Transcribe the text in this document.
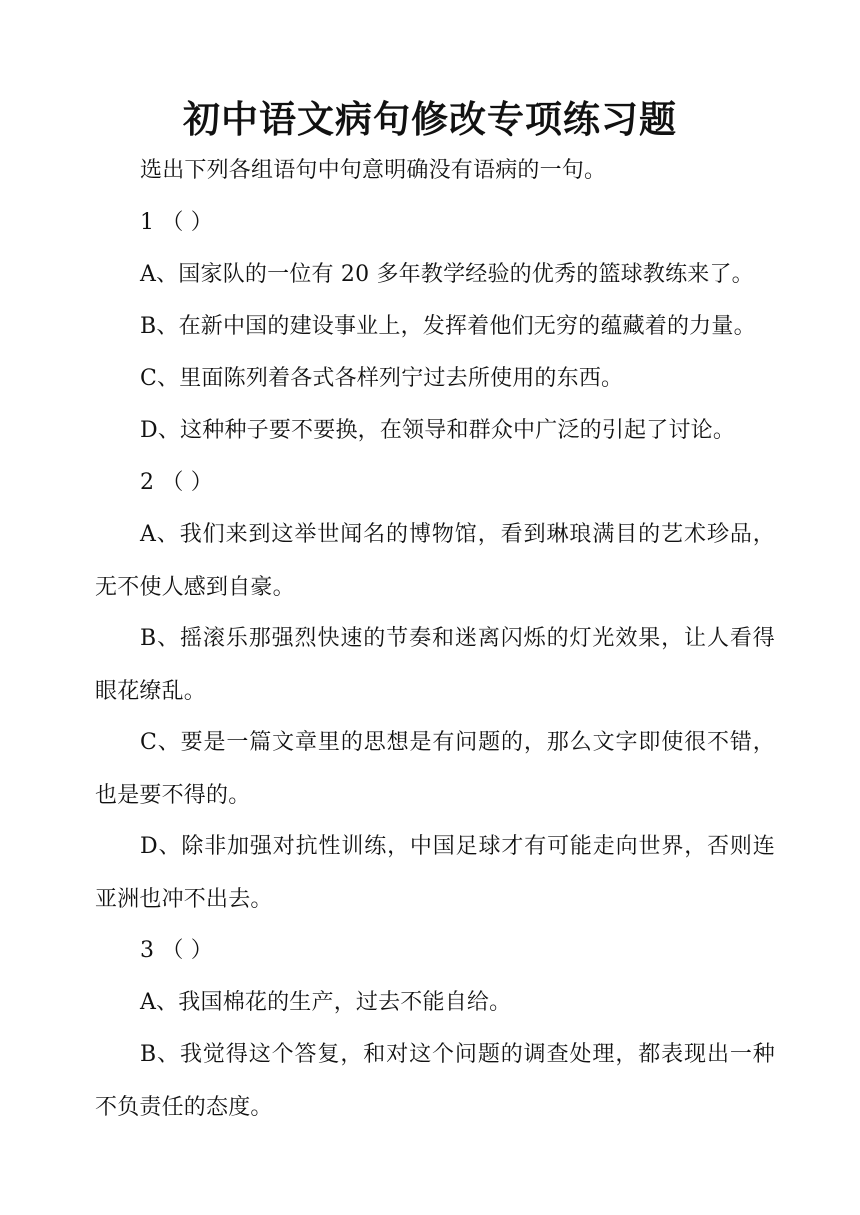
初中语文病句修改专项练习题
选出下列各组语句中句意明确没有语病的一句。
1 （ ）
A、国家队的一位有 20 多年教学经验的优秀的篮球教练来了。
B、在新中国的建设事业上，发挥着他们无穷的蕴藏着的力量。
C、里面陈列着各式各样列宁过去所使用的东西。
D、这种种子要不要换，在领导和群众中广泛的引起了讨论。
2 （ ）
A、我们来到这举世闻名的博物馆，看到琳琅满目的艺术珍品，无不使人感到自豪。
B、摇滚乐那强烈快速的节奏和迷离闪烁的灯光效果，让人看得眼花缭乱。
C、要是一篇文章里的思想是有问题的，那么文字即使很不错，也是要不得的。
D、除非加强对抗性训练，中国足球才有可能走向世界，否则连亚洲也冲不出去。
3 （ ）
A、我国棉花的生产，过去不能自给。
B、我觉得这个答复，和对这个问题的调查处理，都表现出一种不负责任的态度。
